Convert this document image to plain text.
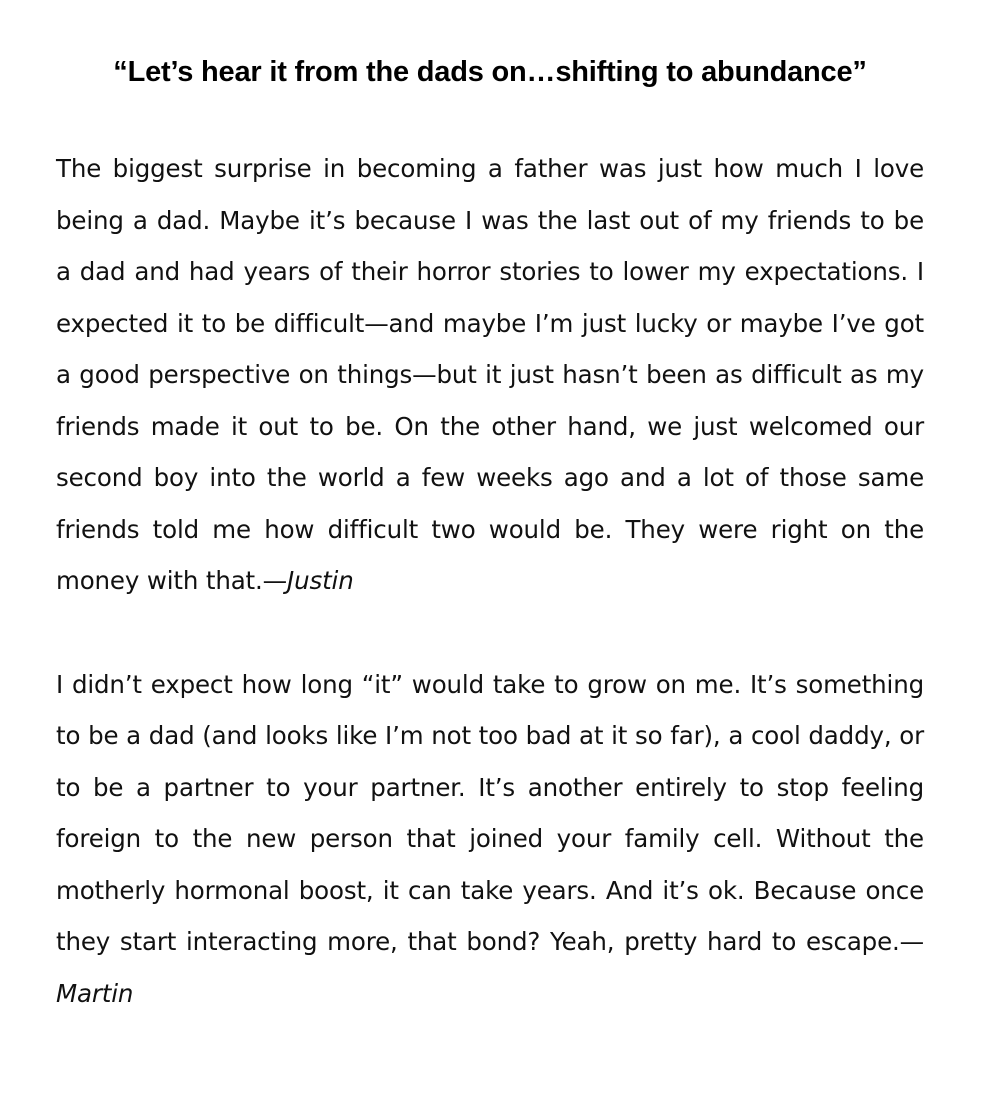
“Let’s hear it from the dads on…shifting to abundance”

The biggest surprise in becoming a father was just how much I love being a dad. Maybe it’s because I was the last out of my friends to be a dad and had years of their horror stories to lower my expectations. I expected it to be difficult—and maybe I’m just lucky or maybe I’ve got a good perspective on things—but it just hasn’t been as difficult as my friends made it out to be. On the other hand, we just welcomed our second boy into the world a few weeks ago and a lot of those same friends told me how difficult two would be. They were right on the money with that.—Justin

I didn’t expect how long “it” would take to grow on me. It’s something to be a dad (and looks like I’m not too bad at it so far), a cool daddy, or to be a partner to your partner. It’s another entirely to stop feeling foreign to the new person that joined your family cell. Without the motherly hormonal boost, it can take years. And it’s ok. Because once they start interacting more, that bond? Yeah, pretty hard to escape.—Martin
